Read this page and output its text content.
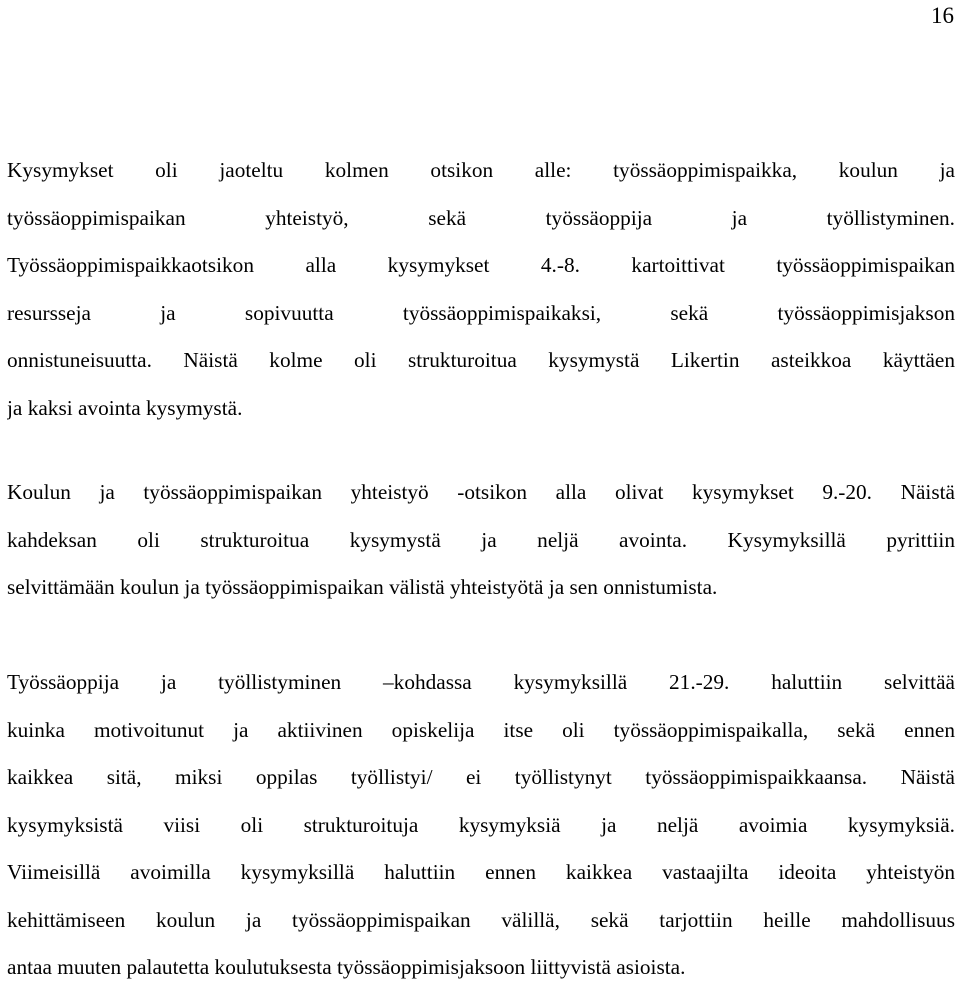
16

Kysymykset oli jaoteltu kolmen otsikon alle: työssäoppimispaikka, koulun ja
työssäoppimispaikan yhteistyö, sekä työssäoppija ja työllistyminen.
Työssäoppimispaikkaotsikon alla kysymykset 4.-8. kartoittivat työssäoppimispaikan
resursseja ja sopivuutta työssäoppimispaikaksi, sekä työssäoppimisjakson
onnistuneisuutta. Näistä kolme oli strukturoitua kysymystä Likertin asteikkoa käyttäen
ja kaksi avointa kysymystä.

Koulun ja työssäoppimispaikan yhteistyö -otsikon alla olivat kysymykset 9.-20. Näistä
kahdeksan oli strukturoitua kysymystä ja neljä avointa. Kysymyksillä pyrittiin
selvittämään koulun ja työssäoppimispaikan välistä yhteistyötä ja sen onnistumista.

Työssäoppija ja työllistyminen –kohdassa kysymyksillä 21.-29. haluttiin selvittää
kuinka motivoitunut ja aktiivinen opiskelija itse oli työssäoppimispaikalla, sekä ennen
kaikkea sitä, miksi oppilas työllistyi/ ei työllistynyt työssäoppimispaikkaansa. Näistä
kysymyksistä viisi oli strukturoituja kysymyksiä ja neljä avoimia kysymyksiä.
Viimeisillä avoimilla kysymyksillä haluttiin ennen kaikkea vastaajilta ideoita yhteistyön
kehittämiseen koulun ja työssäoppimispaikan välillä, sekä tarjottiin heille mahdollisuus
antaa muuten palautetta koulutuksesta työssäoppimisjaksoon liittyvistä asioista.
